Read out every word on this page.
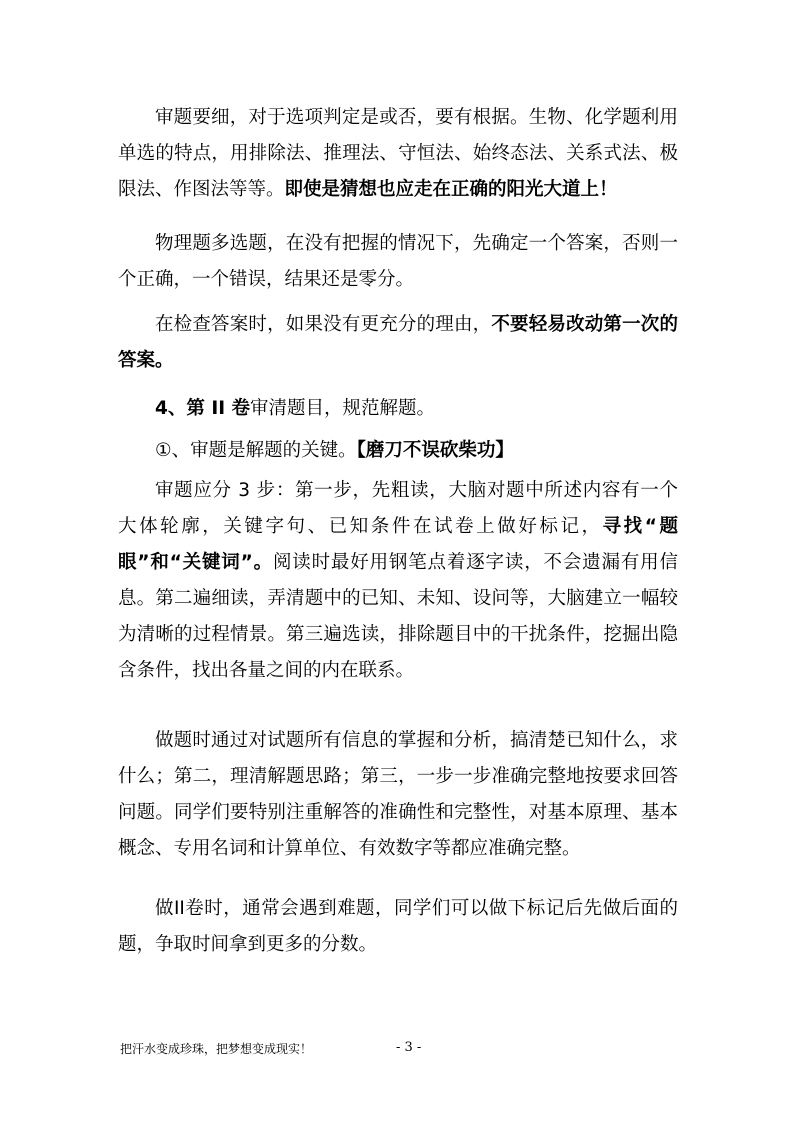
审题要细，对于选项判定是或否，要有根据。生物、化学题利用单选的特点，用排除法、推理法、守恒法、始终态法、关系式法、极限法、作图法等等。即使是猜想也应走在正确的阳光大道上！

物理题多选题，在没有把握的情况下，先确定一个答案，否则一个正确，一个错误，结果还是零分。

在检查答案时，如果没有更充分的理由，不要轻易改动第一次的答案。

4、第 II 卷审清题目，规范解题。

①、审题是解题的关键。【磨刀不误砍柴功】

审题应分 3 步：第一步，先粗读，大脑对题中所述内容有一个大体轮廓，关键字句、已知条件在试卷上做好标记，寻找“题眼”和“关键词”。阅读时最好用钢笔点着逐字读，不会遗漏有用信息。第二遍细读，弄清题中的已知、未知、设问等，大脑建立一幅较为清晰的过程情景。第三遍选读，排除题目中的干扰条件，挖掘出隐含条件，找出各量之间的内在联系。

做题时通过对试题所有信息的掌握和分析，搞清楚已知什么，求什么；第二，理清解题思路；第三，一步一步准确完整地按要求回答问题。同学们要特别注重解答的准确性和完整性，对基本原理、基本概念、专用名词和计算单位、有效数字等都应准确完整。

做II卷时，通常会遇到难题，同学们可以做下标记后先做后面的题，争取时间拿到更多的分数。

把汗水变成珍珠，把梦想变成现实！	- 3 -
